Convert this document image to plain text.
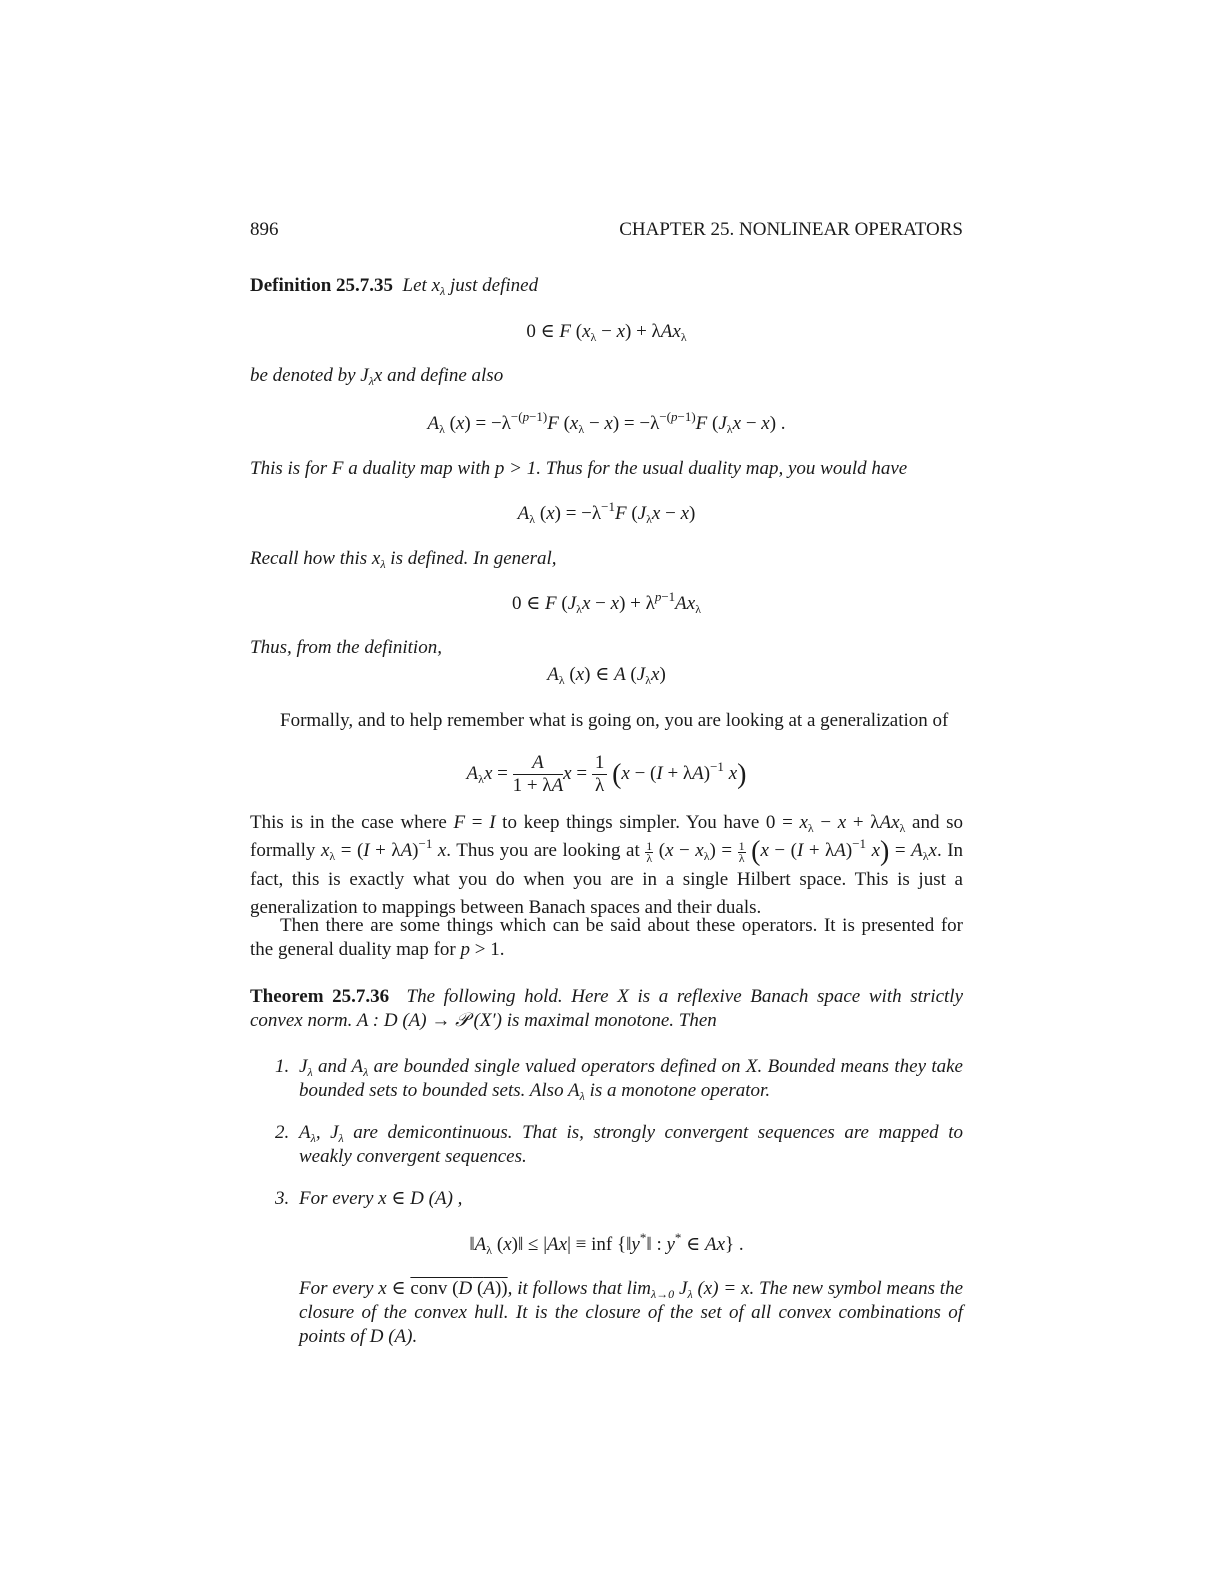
896	CHAPTER 25. NONLINEAR OPERATORS
Definition 25.7.35 Let $x_\lambda$ just defined
0 ∈ F $(x_\lambda - x) + \lambda Ax_\lambda$
be denoted by $J_\lambda x$ and define also
$A_\lambda$ $(x) = -\lambda^{-(p-1)}F$ $(x_\lambda - x) = -\lambda^{-(p-1)}F$ $(J_\lambda x - x)$ .
This is for F a duality map with p > 1. Thus for the usual duality map, you would have
$A_\lambda$ $(x) = -\lambda^{-1}F$ $(J_\lambda x - x)$
Recall how this $x_\lambda$ is defined. In general,
0 ∈ F $(J_\lambda x - x) + \lambda^{p-1}Ax_\lambda$
Thus, from the definition,
$A_\lambda$ (x) ∈ A $(J_\lambda x)$
Formally, and to help remember what is going on, you are looking at a generalization of
$A_\lambda x = \frac{A}{1 + \lambda A}$ $x = \frac{1}{\lambda} (x - (I + \lambda A)^{-1}$ x)
This is in the case where F = I to keep things simpler. You have $0 = x_\lambda - x + \lambda Ax_\lambda$ and so formally $x_\lambda = (I + \lambda A)^{-1}$ x. Thus you are looking at $\frac{1}{\lambda} (x - x_\lambda) = \frac{1}{\lambda} (x - (I + \lambda A)^{-1}$ $x) = A_\lambda x$. In fact, this is exactly what you do when you are in a single Hilbert space. This is just a generalization to mappings between Banach spaces and their duals.
Then there are some things which can be said about these operators. It is presented for the general duality map for p > 1.
Theorem 25.7.36 The following hold. Here X is a reflexive Banach space with strictly convex norm. A : D (A) → 𝒫 (X′) is maximal monotone. Then
1. $J_\lambda$ and $A_\lambda$ are bounded single valued operators defined on X. Bounded means they take bounded sets to bounded sets. Also $A_\lambda$ is a monotone operator.
2. $A_\lambda$, $J_\lambda$ are demicontinuous. That is, strongly convergent sequences are mapped to weakly convergent sequences.
3. For every x ∈ D (A) ,
$‖A_\lambda$ (x)‖ ≤ |Ax| ≡ inf {‖y*‖ : y* ∈ Ax} .
For every x ∈ conv (D (A)), it follows that $\lim_{\lambda\to 0} J_\lambda$ (x) = x. The new symbol means the closure of the convex hull. It is the closure of the set of all convex combinations of points of D (A).
